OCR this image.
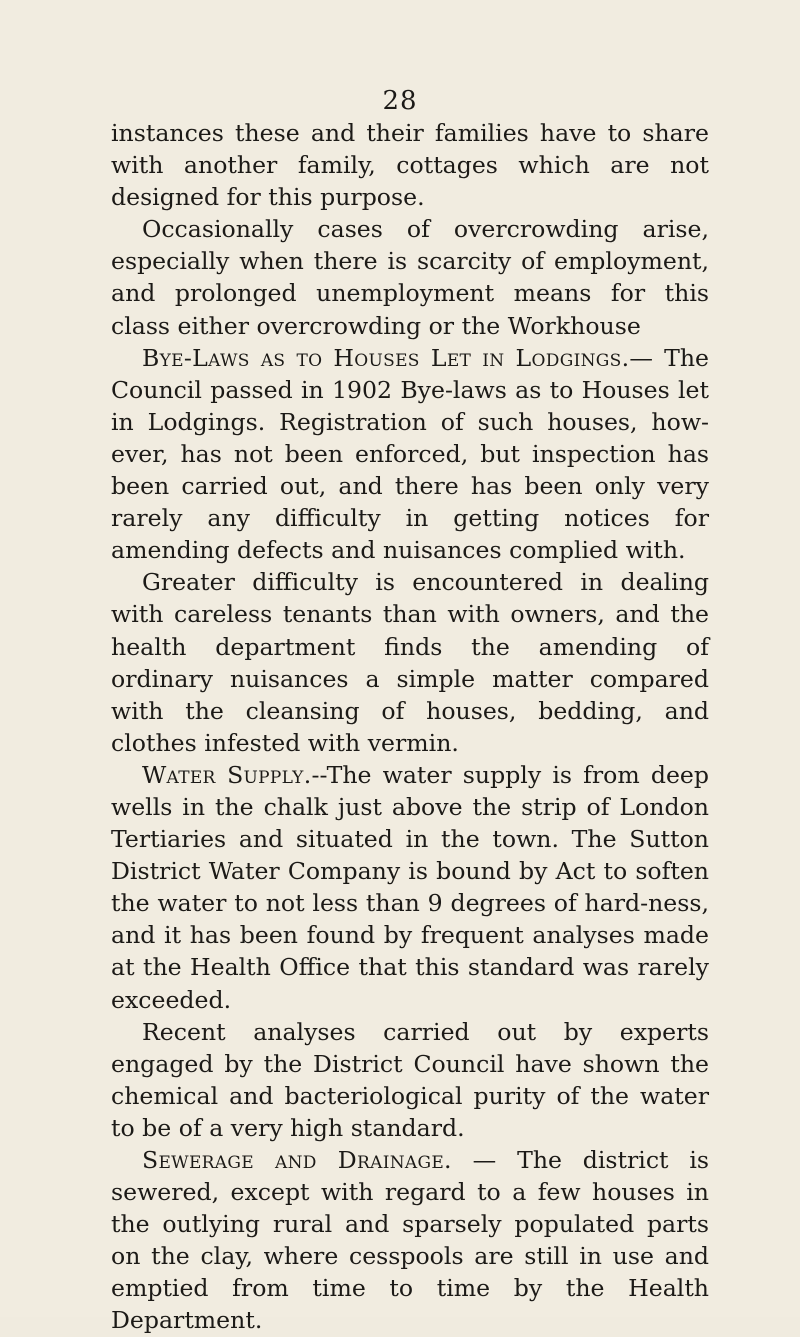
28

instances these and their families have to share with another family, cottages which are not designed for this purpose.

Occasionally cases of overcrowding arise, especially when there is scarcity of employment, and prolonged unemployment means for this class either overcrowding or the Workhouse

Bye-Laws as to Houses Let in Lodgings.— The Council passed in 1902 Bye-laws as to Houses let in Lodgings. Registration of such houses, how-ever, has not been enforced, but inspection has been carried out, and there has been only very rarely any difficulty in getting notices for amending defects and nuisances complied with.

Greater difficulty is encountered in dealing with careless tenants than with owners, and the health department finds the amending of ordinary nuisances a simple matter compared with the cleansing of houses, bedding, and clothes infested with vermin.

Water Supply.--The water supply is from deep wells in the chalk just above the strip of London Tertiaries and situated in the town. The Sutton District Water Company is bound by Act to soften the water to not less than 9 degrees of hard-ness, and it has been found by frequent analyses made at the Health Office that this standard was rarely exceeded.

Recent analyses carried out by experts engaged by the District Council have shown the chemical and bacteriological purity of the water to be of a very high standard.

Sewerage and Drainage. — The district is sewered, except with regard to a few houses in the outlying rural and sparsely populated parts on the clay, where cesspools are still in use and emptied from time to time by the Health Department.
